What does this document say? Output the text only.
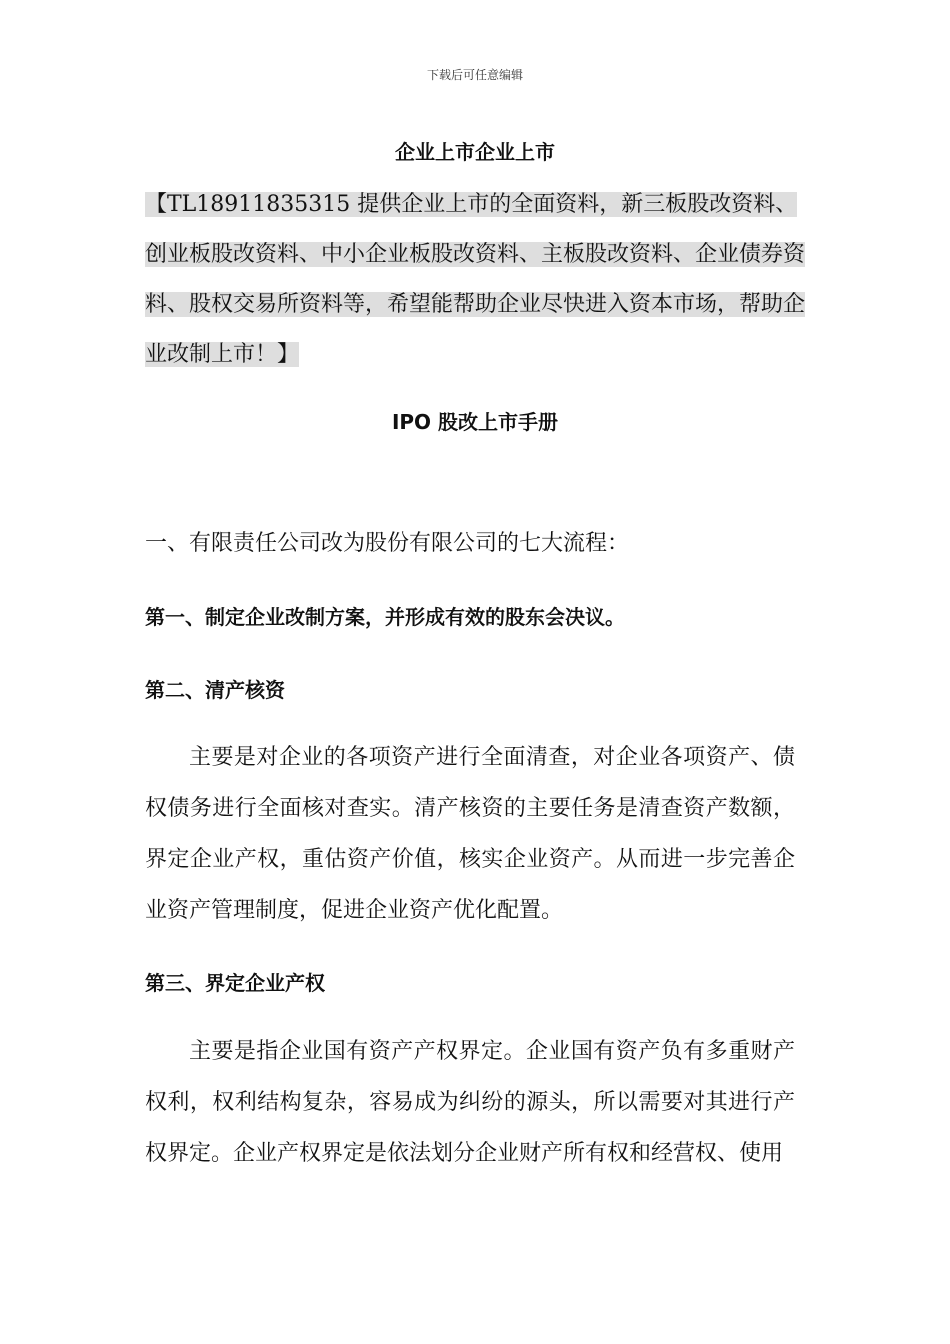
下载后可任意编辑
企业上市企业上市
【TL18911835315 提供企业上市的全面资料，新三板股改资料、创业板股改资料、中小企业板股改资料、主板股改资料、企业债券资料、股权交易所资料等，希望能帮助企业尽快进入资本市场，帮助企业改制上市！】
IPO 股改上市手册
一、有限责任公司改为股份有限公司的七大流程：
第一、制定企业改制方案，并形成有效的股东会决议。
第二、清产核资
主要是对企业的各项资产进行全面清查，对企业各项资产、债权债务进行全面核对查实。清产核资的主要任务是清查资产数额，界定企业产权，重估资产价值，核实企业资产。从而进一步完善企业资产管理制度，促进企业资产优化配置。
第三、界定企业产权
主要是指企业国有资产产权界定。企业国有资产负有多重财产权利，权利结构复杂，容易成为纠纷的源头，所以需要对其进行产权界定。企业产权界定是依法划分企业财产所有权和经营权、使用
